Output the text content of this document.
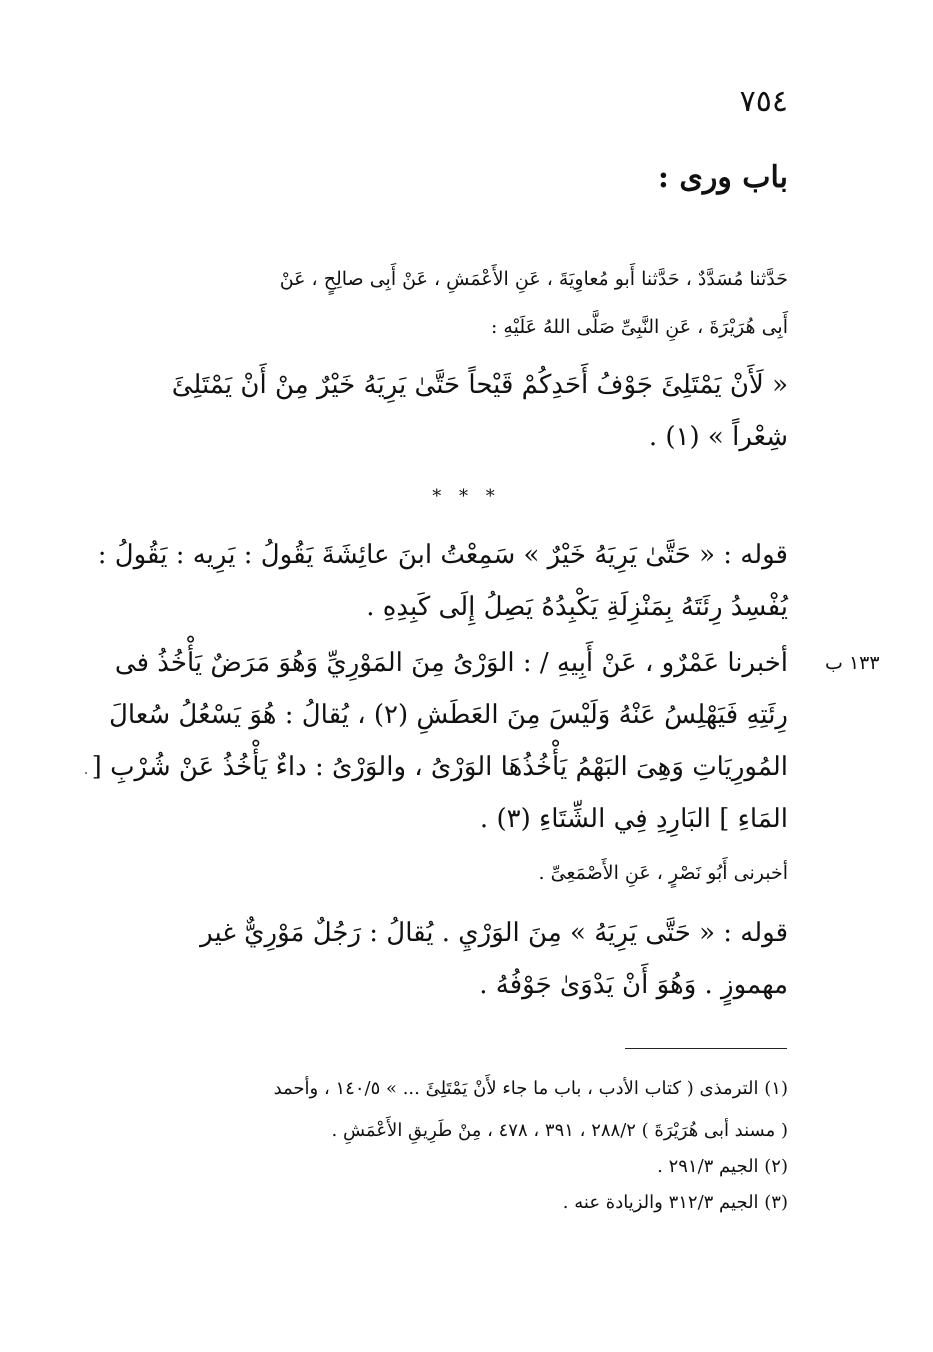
٧٥٤
باب ورى :
حَدَّثنا مُسَدَّدٌ ، حَدَّثنا أَبو مُعاوِيَةَ ، عَنِ الأَعْمَشِ ، عَنْ أَبِى صالِحٍ ، عَنْ
أَبِى هُرَيْرَةَ ، عَنِ النَّبِىِّ صَلَّى اللهُ عَلَيْهِ :
« لَأَنْ يَمْتَلِئَ جَوْفُ أَحَدِكُمْ قَيْحاً حَتَّىٰ يَرِيَهُ خَيْرٌ مِنْ أَنْ يَمْتَلِئَ
شِعْراً » (١) .
* * *
قوله : « حَتَّىٰ يَرِيَهُ خَيْرٌ » سَمِعْتُ ابنَ عائِشَةَ يَقُولُ : يَرِيه : يَقُولُ :
يُفْسِدُ رِئَتَهُ بِمَنْزِلَةِ يَكْبِدُهُ يَصِلُ إِلَى كَبِدِهِ .
١٣٣ ب
أخبرنا عَمْرٌو ، عَنْ أَبِيهِ / : الوَرْىُ مِنَ المَوْرِيِّ وَهُوَ مَرَضٌ يَأْخُذُ فى
رِئَتِهِ فَيَهْلِسُ عَنْهُ وَلَيْسَ مِنَ العَطَشِ (٢) ، يُقالُ : هُوَ يَسْعُلُ سُعالَ
المُورِيَاتِ وَهِىَ البَهْمُ يَأْخُذُهَا الوَرْىُ ، والوَرْىُ : داءٌ يَأْخُذُ عَنْ شُرْبِ [
المَاءِ ] البَارِدِ فِي الشِّتَاءِ (٣) .
أخبرنى أَبُو نَصْرٍ ، عَنِ الأَصْمَعِىِّ .
قوله : « حَتَّى يَرِيَهُ » مِنَ الوَرْيِ . يُقالُ : رَجُلٌ مَوْرِيٌّ غير
مهموزٍ . وَهُوَ أَنْ يَدْوَىٰ جَوْفُهُ .
(١) الترمذى ( كتاب الأدب ، باب ما جاء لأَنْ يَمْتَلِئَ ... » ١٤٠/٥ ، وأحمد
( مسند أبى هُرَيْرَةَ ) ٢٨٨/٢ ، ٣٩١ ، ٤٧٨ ، مِنْ طَرِيقِ الأَعْمَشِ .
(٢) الجيم ٢٩١/٣ .
(٣) الجيم ٣١٢/٣ والزيادة عنه .
